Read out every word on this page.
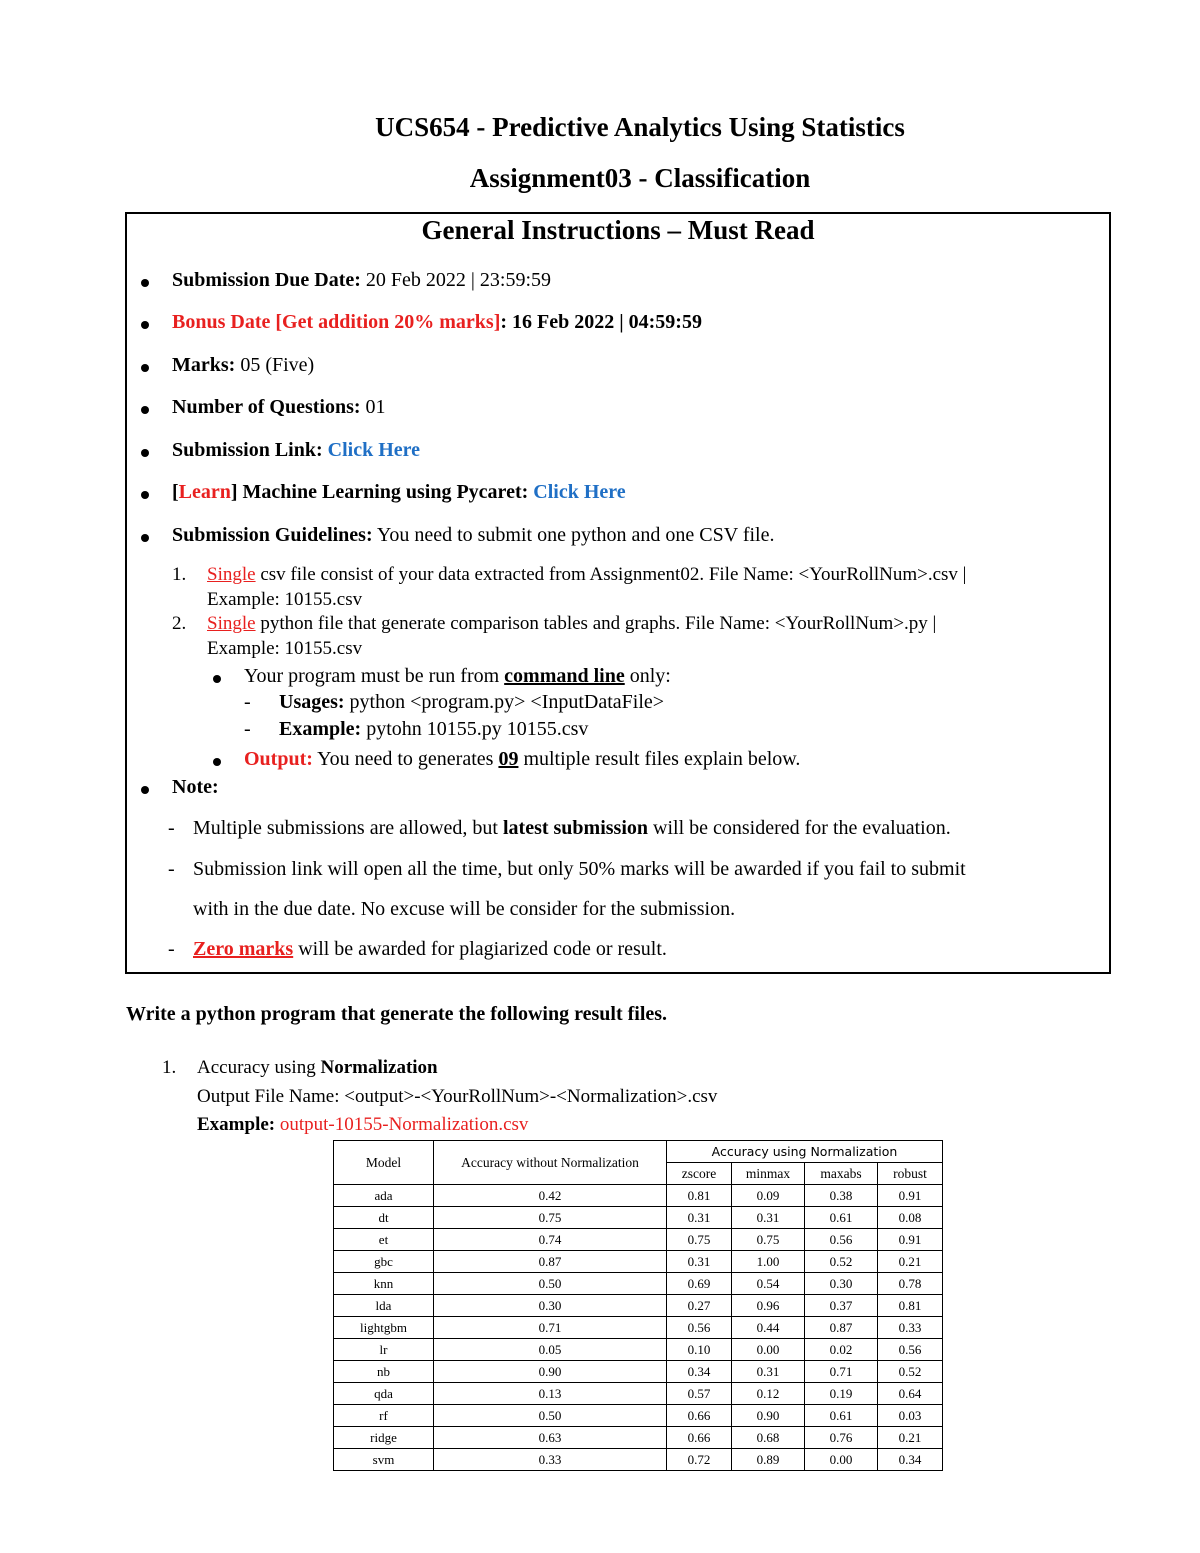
UCS654 - Predictive Analytics Using Statistics
Assignment03 - Classification
General Instructions – Must Read
Submission Due Date: 20 Feb 2022 | 23:59:59
Bonus Date [Get addition 20% marks]: 16 Feb 2022 | 04:59:59
Marks: 05 (Five)
Number of Questions: 01
Submission Link: Click Here
[Learn] Machine Learning using Pycaret: Click Here
Submission Guidelines: You need to submit one python and one CSV file.
1. Single csv file consist of your data extracted from Assignment02. File Name: <YourRollNum>.csv |
Example: 10155.csv
2. Single python file that generate comparison tables and graphs. File Name: <YourRollNum>.py |
Example: 10155.csv
Your program must be run from command line only:
- Usages: python <program.py> <InputDataFile>
- Example: pytohn 10155.py 10155.csv
Output: You need to generates 09 multiple result files explain below.
Note:
- Multiple submissions are allowed, but latest submission will be considered for the evaluation.
- Submission link will open all the time, but only 50% marks will be awarded if you fail to submit
with in the due date. No excuse will be consider for the submission.
- Zero marks will be awarded for plagiarized code or result.
Write a python program that generate the following result files.
1. Accuracy using Normalization
Output File Name: <output>-<YourRollNum>-<Normalization>.csv
Example: output-10155-Normalization.csv
Model	Accuracy without Normalization	Accuracy using Normalization			
		zscore	minmax	maxabs	robust
ada	0.42	0.81	0.09	0.38	0.91
dt	0.75	0.31	0.31	0.61	0.08
et	0.74	0.75	0.75	0.56	0.91
gbc	0.87	0.31	1.00	0.52	0.21
knn	0.50	0.69	0.54	0.30	0.78
lda	0.30	0.27	0.96	0.37	0.81
lightgbm	0.71	0.56	0.44	0.87	0.33
lr	0.05	0.10	0.00	0.02	0.56
nb	0.90	0.34	0.31	0.71	0.52
qda	0.13	0.57	0.12	0.19	0.64
rf	0.50	0.66	0.90	0.61	0.03
ridge	0.63	0.66	0.68	0.76	0.21
svm	0.33	0.72	0.89	0.00	0.34
